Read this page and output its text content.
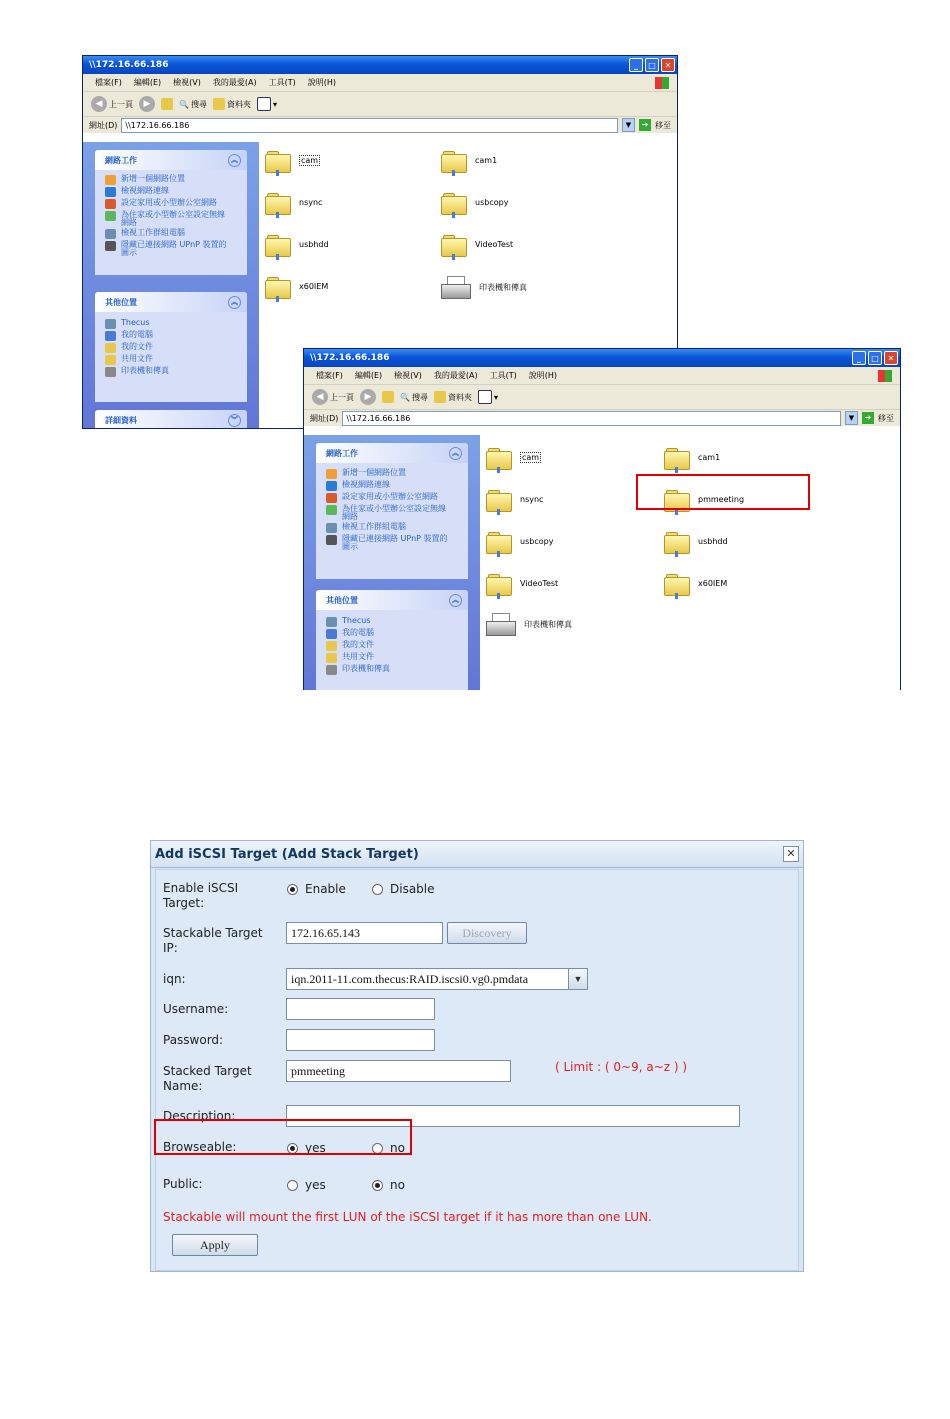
\\172.16.66.186	_	□	✕
檔案(F) 編輯(E) 檢視(V) 我的最愛(A) 工具(T) 說明(H)
◀ 上一頁	▶	🔍 搜尋	資料夾	▾
網址(D) \\172.16.66.186	▼	➔ 移至
網路工作	︽
新增一個網路位置
檢視網路連線
設定家用或小型辦公室網路
為住家或小型辦公室設定無線網路
檢視工作群組電腦
隱藏已連接網路 UPnP 裝置的圖示
其他位置	︽
Thecus
我的電腦
我的文件
共用文件
印表機和傳真
詳細資料	︾
cam	cam1
nsync	usbcopy
usbhdd	VideoTest
x60IEM	印表機和傳真
\\172.16.66.186	_	□	✕
檔案(F) 編輯(E) 檢視(V) 我的最愛(A) 工具(T) 說明(H)
◀ 上一頁	▶	🔍 搜尋	資料夾	▾
網址(D) \\172.16.66.186	▼	➔ 移至
網路工作	︽
新增一個網路位置
檢視網路連線
設定家用或小型辦公室網路
為住家或小型辦公室設定無線網路
檢視工作群組電腦
隱藏已連接網路 UPnP 裝置的圖示
其他位置	︽
Thecus
我的電腦
我的文件
共用文件
印表機和傳真
cam	cam1
nsync	pmmeeting
usbcopy	usbhdd
VideoTest	x60IEM
印表機和傳真
Add iSCSI Target (Add Stack Target)	✕
Enable iSCSI Target:
Enable	Disable
Stackable Target IP:
172.16.65.143	Discovery
iqn:	iqn.2011-11.com.thecus:RAID.iscsi0.vg0.pmdata	▼
Username:
Password:
Stacked Target Name:
pmmeeting	( Limit : ( 0~9, a~z ) )
Description:
Browseable:	yes	no
Public:	yes	no
Stackable will mount the first LUN of the iSCSI target if it has more than one LUN.
Apply
